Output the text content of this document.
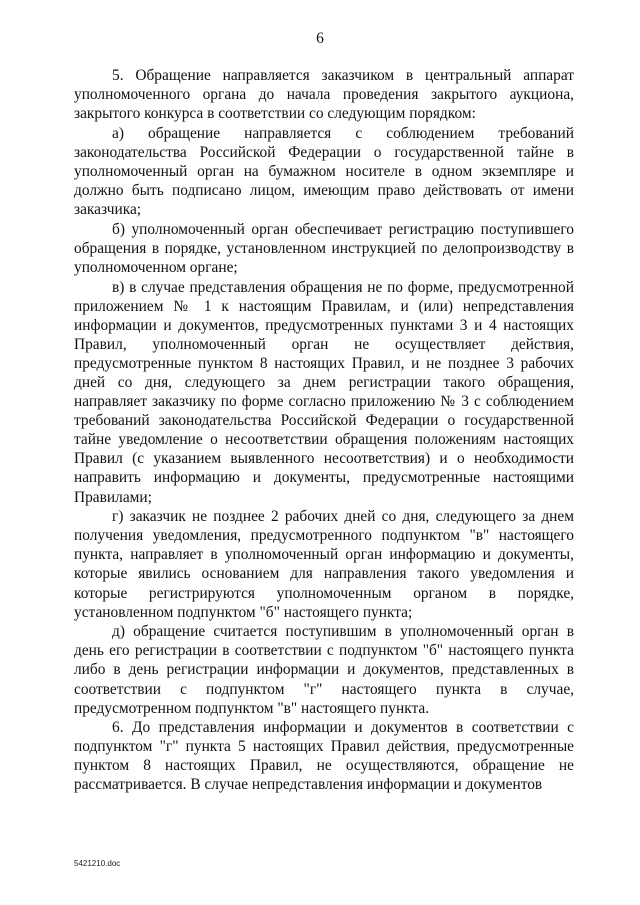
6

5. Обращение направляется заказчиком в центральный аппарат уполномоченного органа до начала проведения закрытого аукциона, закрытого конкурса в соответствии со следующим порядком:

а) обращение направляется с соблюдением требований законодательства Российской Федерации о государственной тайне в уполномоченный орган на бумажном носителе в одном экземпляре и должно быть подписано лицом, имеющим право действовать от имени заказчика;

б) уполномоченный орган обеспечивает регистрацию поступившего обращения в порядке, установленном инструкцией по делопроизводству в уполномоченном органе;

в) в случае представления обращения не по форме, предусмотренной приложением № 1 к настоящим Правилам, и (или) непредставления информации и документов, предусмотренных пунктами 3 и 4 настоящих Правил, уполномоченный орган не осуществляет действия, предусмотренные пунктом 8 настоящих Правил, и не позднее 3 рабочих дней со дня, следующего за днем регистрации такого обращения, направляет заказчику по форме согласно приложению № 3 с соблюдением требований законодательства Российской Федерации о государственной тайне уведомление о несоответствии обращения положениям настоящих Правил (с указанием выявленного несоответствия) и о необходимости направить информацию и документы, предусмотренные настоящими Правилами;

г) заказчик не позднее 2 рабочих дней со дня, следующего за днем получения уведомления, предусмотренного подпунктом "в" настоящего пункта, направляет в уполномоченный орган информацию и документы, которые явились основанием для направления такого уведомления и которые регистрируются уполномоченным органом в порядке, установленном подпунктом "б" настоящего пункта;

д) обращение считается поступившим в уполномоченный орган в день его регистрации в соответствии с подпунктом "б" настоящего пункта либо в день регистрации информации и документов, представленных в соответствии с подпунктом "г" настоящего пункта в случае, предусмотренном подпунктом "в" настоящего пункта.

6. До представления информации и документов в соответствии с подпунктом "г" пункта 5 настоящих Правил действия, предусмотренные пунктом 8 настоящих Правил, не осуществляются, обращение не рассматривается. В случае непредставления информации и документов

5421210.doc
